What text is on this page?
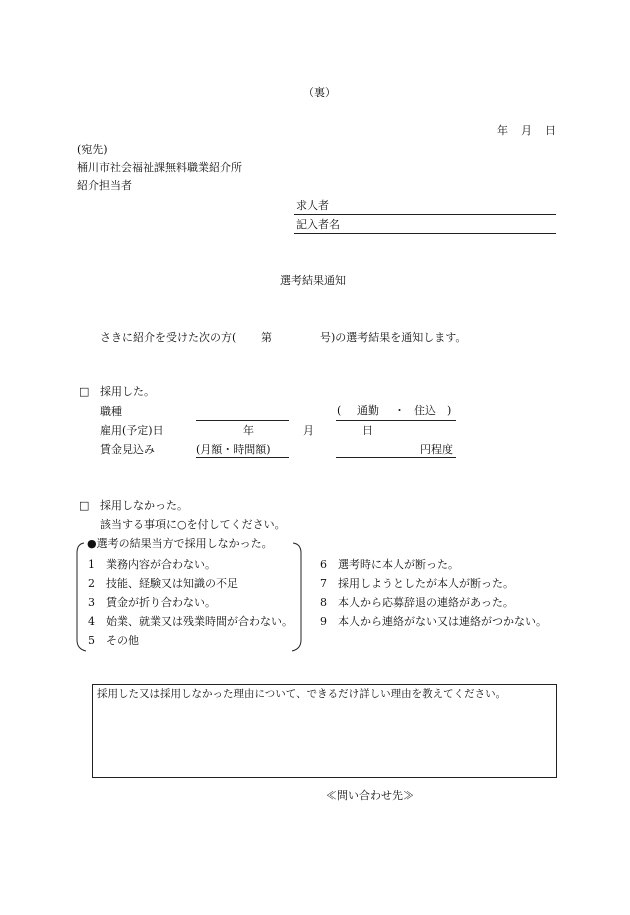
（裏）
年 月 日
(宛先)
桶川市社会福祉課無料職業紹介所
紹介担当者
求人者
記入者名
選考結果通知
さきに紹介を受けた次の方( 第	号)の選考結果を通知します。
□ 採用した。
職種	( 通勤 ・ 住込 )
雇用(予定)日	年	月	日
賃金見込み	(月額・時間額)	円程度
□ 採用しなかった。
該当する事項に○を付してください。
●選考の結果当方で採用しなかった。
1 業務内容が合わない。
2 技能、経験又は知識の不足
3 賃金が折り合わない。
4 始業、就業又は残業時間が合わない。
5 その他
6 選考時に本人が断った。
7 採用しようとしたが本人が断った。
8 本人から応募辞退の連絡があった。
9 本人から連絡がない又は連絡がつかない。
採用した又は採用しなかった理由について、できるだけ詳しい理由を教えてください。
≪問い合わせ先≫
